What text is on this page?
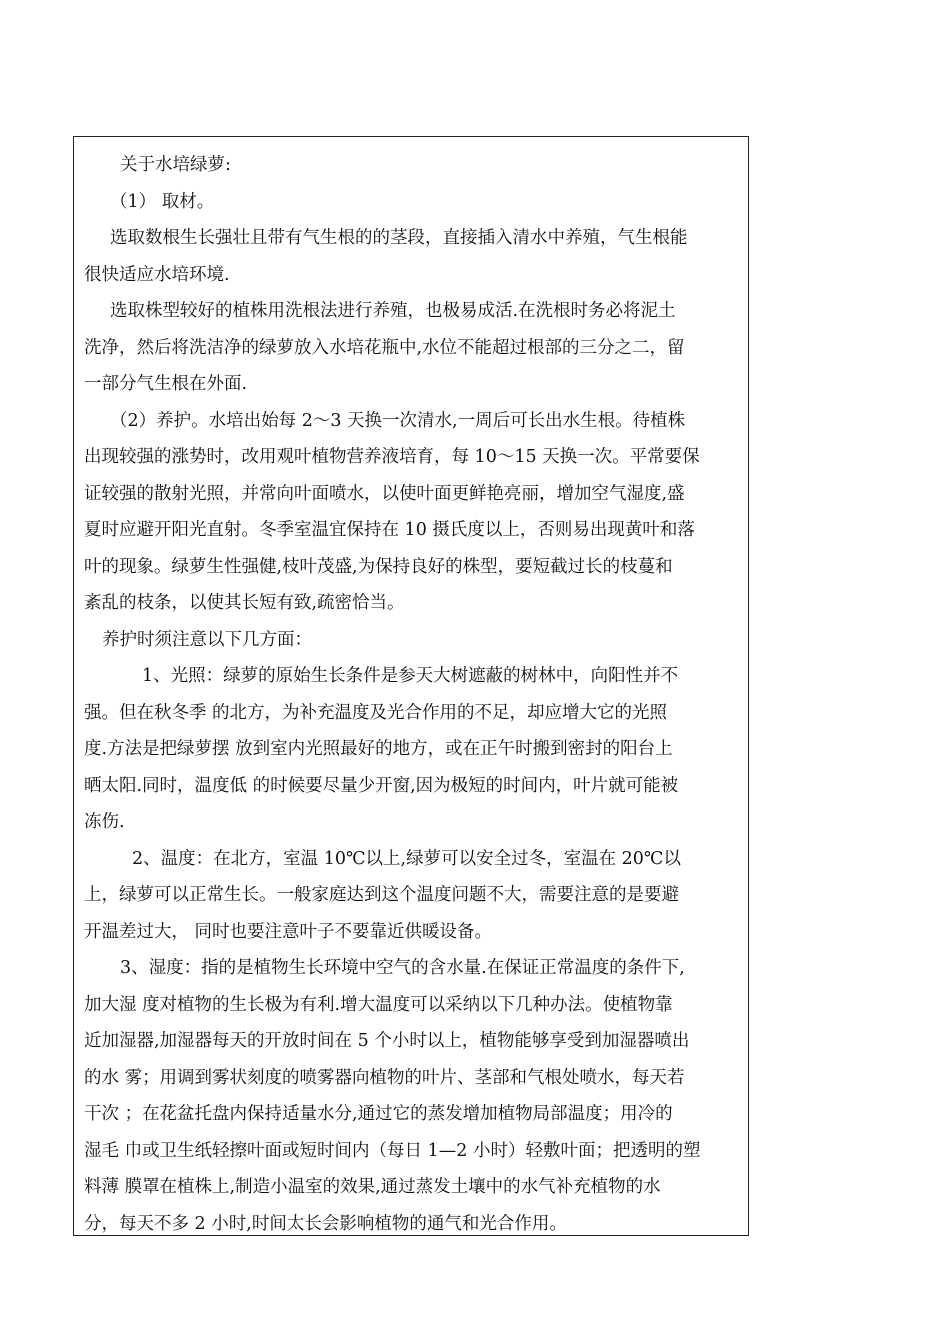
关于水培绿萝:
（1） 取材。
选取数根生长强壮且带有气生根的的茎段，直接插入清水中养殖，气生根能
很快适应水培环境.
选取株型较好的植株用洗根法进行养殖，也极易成活.在洗根时务必将泥土
洗净，然后将洗洁净的绿萝放入水培花瓶中,水位不能超过根部的三分之二，留
一部分气生根在外面.
（2）养护。水培出始每 2～3 天换一次清水,一周后可长出水生根。待植株
出现较强的涨势时，改用观叶植物营养液培育，每 10～15 天换一次。平常要保
证较强的散射光照，并常向叶面喷水，以使叶面更鲜艳亮丽，增加空气湿度,盛
夏时应避开阳光直射。冬季室温宜保持在 10 摄氏度以上，否则易出现黄叶和落
叶的现象。绿萝生性强健,枝叶茂盛,为保持良好的株型，要短截过长的枝蔓和
紊乱的枝条，以使其长短有致,疏密恰当。
养护时须注意以下几方面：
1、光照：绿萝的原始生长条件是参天大树遮蔽的树林中，向阳性并不
强。但在秋冬季 的北方，为补充温度及光合作用的不足，却应增大它的光照
度.方法是把绿萝摆 放到室内光照最好的地方，或在正午时搬到密封的阳台上
晒太阳.同时，温度低 的时候要尽量少开窗,因为极短的时间内，叶片就可能被
冻伤.
2、温度：在北方，室温 10℃以上,绿萝可以安全过冬，室温在 20℃以
上，绿萝可以正常生长。一般家庭达到这个温度问题不大，需要注意的是要避
开温差过大， 同时也要注意叶子不要靠近供暖设备。
3、湿度：指的是植物生长环境中空气的含水量.在保证正常温度的条件下,
加大湿 度对植物的生长极为有利.增大温度可以采纳以下几种办法。使植物靠
近加湿器,加湿器每天的开放时间在 5 个小时以上，植物能够享受到加湿器喷出
的水 雾；用调到雾状刻度的喷雾器向植物的叶片、茎部和气根处喷水，每天若
干次 ；在花盆托盘内保持适量水分,通过它的蒸发增加植物局部温度；用冷的
湿毛 巾或卫生纸轻擦叶面或短时间内（每日 1—2 小时）轻敷叶面；把透明的塑
料薄 膜罩在植株上,制造小温室的效果,通过蒸发土壤中的水气补充植物的水
分，每天不多 2 小时,时间太长会影响植物的通气和光合作用。
